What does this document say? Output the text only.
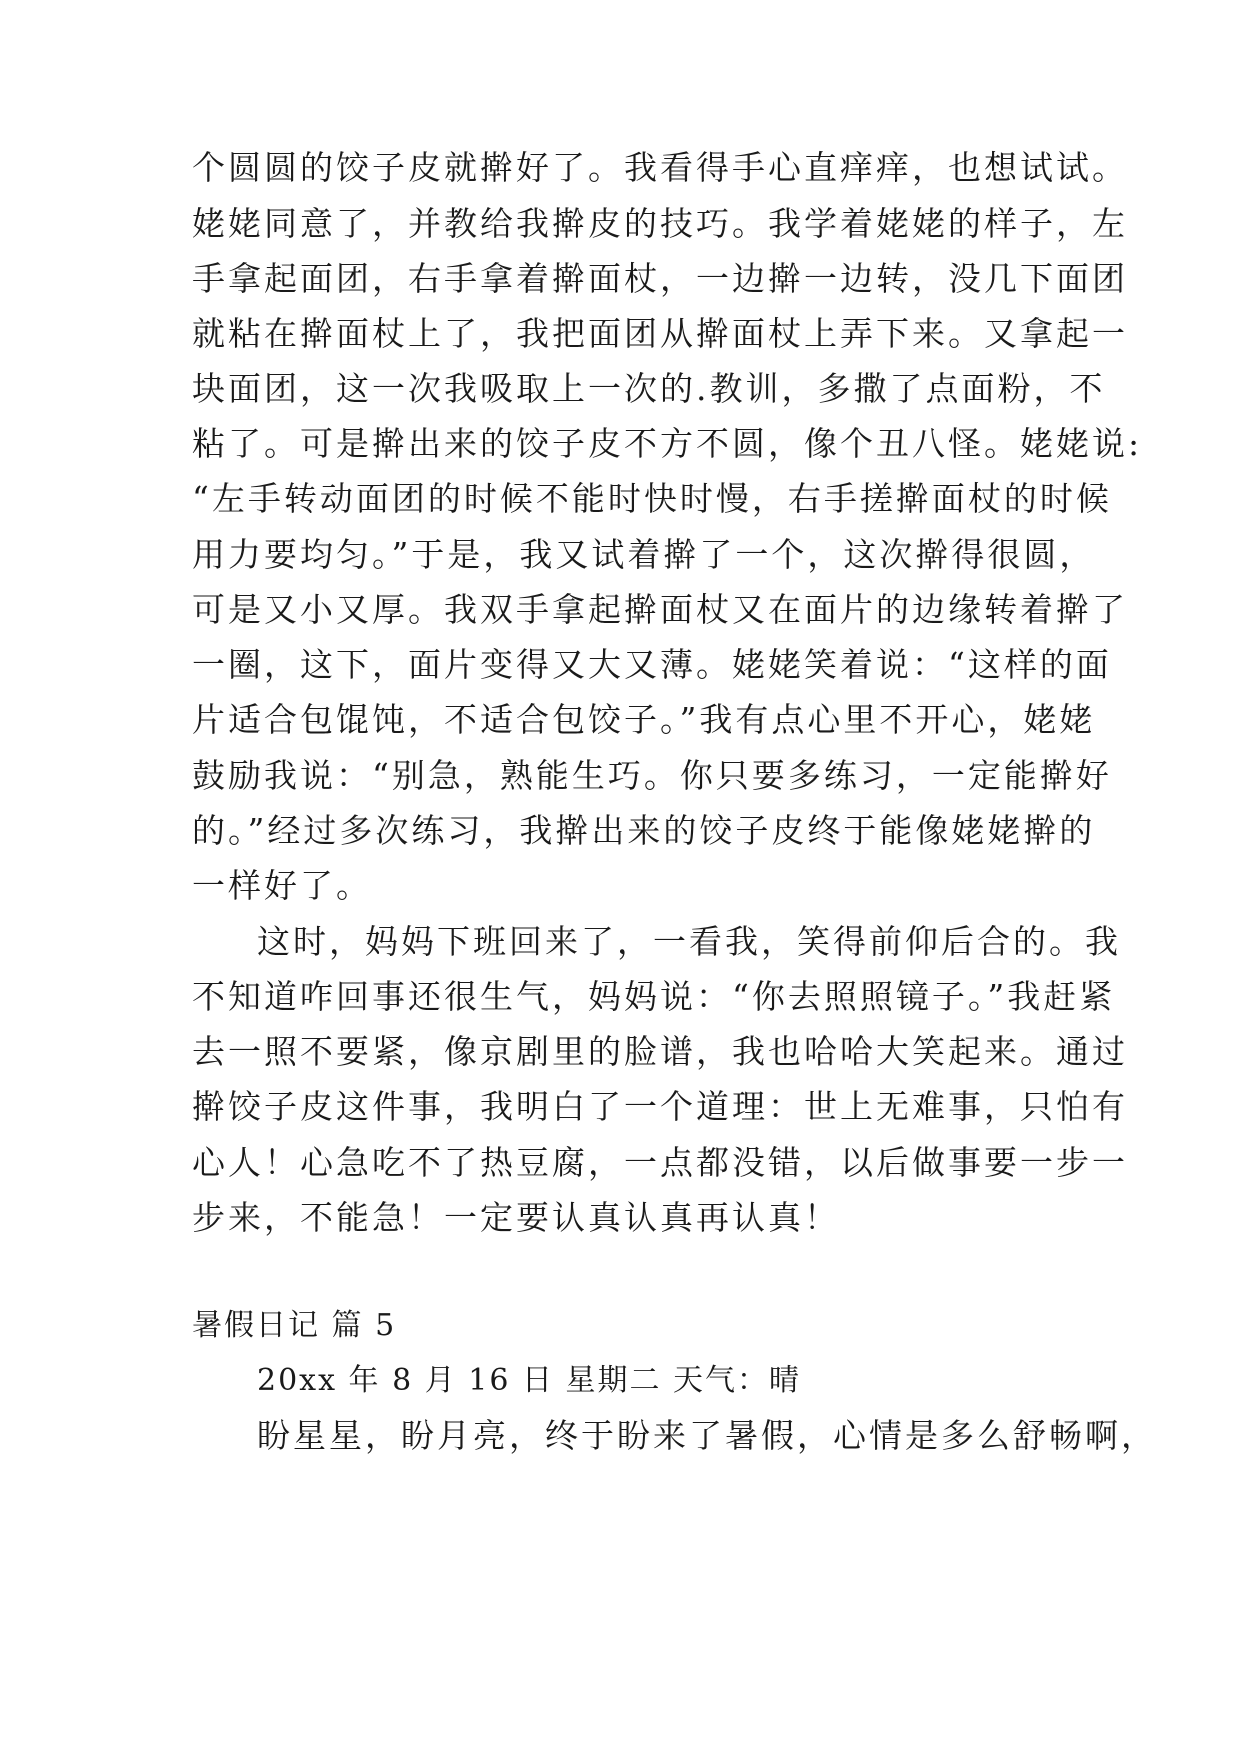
个圆圆的饺子皮就擀好了。我看得手心直痒痒，也想试试。
姥姥同意了，并教给我擀皮的技巧。我学着姥姥的样子，左
手拿起面团，右手拿着擀面杖，一边擀一边转，没几下面团
就粘在擀面杖上了，我把面团从擀面杖上弄下来。又拿起一
块面团，这一次我吸取上一次的.教训，多撒了点面粉，不
粘了。可是擀出来的饺子皮不方不圆，像个丑八怪。姥姥说:
“左手转动面团的时候不能时快时慢，右手搓擀面杖的时候
用力要均匀。”于是，我又试着擀了一个，这次擀得很圆，
可是又小又厚。我双手拿起擀面杖又在面片的边缘转着擀了
一圈，这下，面片变得又大又薄。姥姥笑着说：“这样的面
片适合包馄饨，不适合包饺子。”我有点心里不开心，姥姥
鼓励我说：“别急，熟能生巧。你只要多练习，一定能擀好
的。”经过多次练习，我擀出来的饺子皮终于能像姥姥擀的
一样好了。
这时，妈妈下班回来了，一看我，笑得前仰后合的。我
不知道咋回事还很生气，妈妈说：“你去照照镜子。”我赶紧
去一照不要紧，像京剧里的脸谱，我也哈哈大笑起来。通过
擀饺子皮这件事，我明白了一个道理：世上无难事，只怕有
心人！心急吃不了热豆腐，一点都没错，以后做事要一步一
步来，不能急！一定要认真认真再认真！
暑假日记 篇 5
20xx 年 8 月 16 日 星期二 天气：晴
盼星星，盼月亮，终于盼来了暑假，心情是多么舒畅啊，
